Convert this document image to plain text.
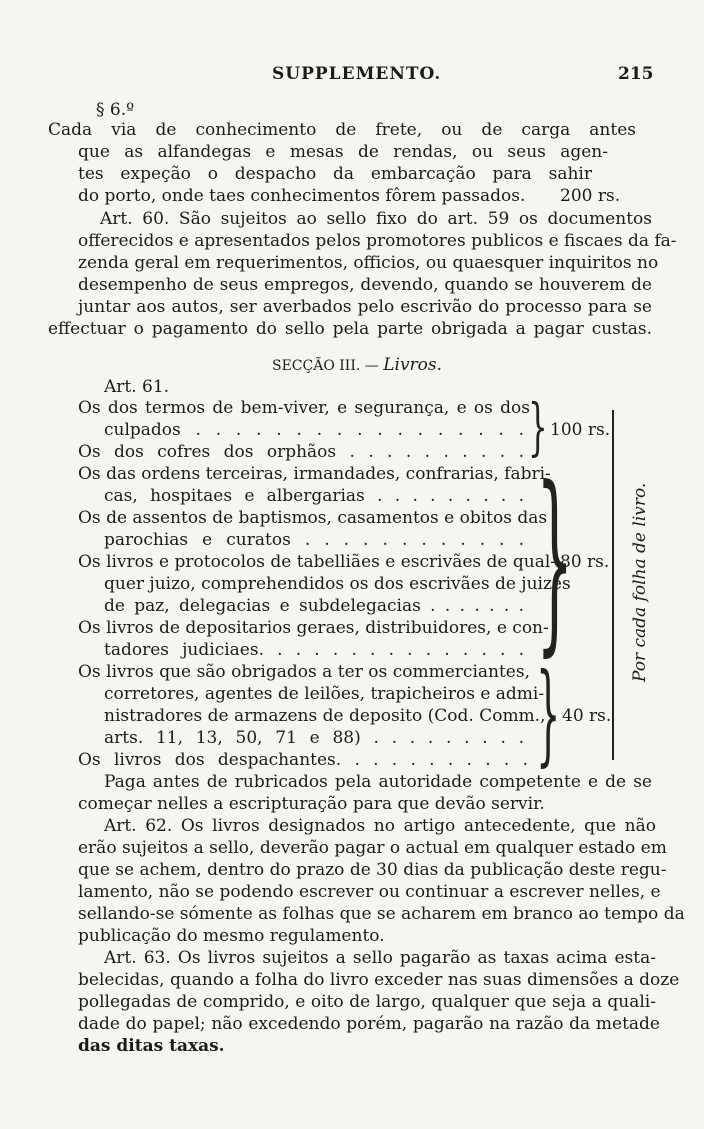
SUPPLEMENTO.	215
§ 6.º
Cada via de conhecimento de frete, ou de carga antes
que as alfandegas e mesas de rendas, ou seus agen-
tes expeção o despacho da embarcação para sahir
do porto, onde taes conhecimentos fôrem passados. 200 rs.
Art. 60. São sujeitos ao sello fixo do art. 59 os documentos
offerecidos e apresentados pelos promotores publicos e fiscaes da fa-
zenda geral em requerimentos, officios, ou quaesquer inquiritos no
desempenho de seus empregos, devendo, quando se houverem de
juntar aos autos, ser averbados pelo escrivão do processo para se
effectuar o pagamento do sello pela parte obrigada a pagar custas.
SECÇÃO III. — Livros.
Art. 61.
Os dos termos de bem-viver, e segurança, e os dos
culpados . . . . . . . . . . . . . . . . .
Os dos cofres dos orphãos . . . . . . . . . . } 100 rs.
Os das ordens terceiras, irmandades, confrarias, fabri-
cas, hospitaes e albergarias . . . . . . . . .
Os de assentos de baptismos, casamentos e obitos das
parochias e curatos . . . . . . . . . . . .
Os livros e protocolos de tabelliães e escrivães de qual-
quer juizo, comprehendidos os dos escrivães de juizes
de paz, delegacias e subdelegacias . . . . . . .
Os livros de depositarios geraes, distribuidores, e con-
tadores judiciaes. . . . . . . . . . . . . . . }
80 rs.
Os livros que são obrigados a ter os commerciantes,
corretores, agentes de leilões, trapicheiros e admi-
nistradores de armazens de deposito (Cod. Comm.,
arts. 11, 13, 50, 71 e 88) . . . . . . . . .
Os livros dos despachantes. . . . . . . . . . . } 40 rs.
Por cada folha de livro.
Paga antes de rubricados pela autoridade competente e de se
começar nelles a escripturação para que devão servir.
Art. 62. Os livros designados no artigo antecedente, que não
erão sujeitos a sello, deverão pagar o actual em qualquer estado em
que se achem, dentro do prazo de 30 dias da publicação deste regu-
lamento, não se podendo escrever ou continuar a escrever nelles, e
sellando-se sómente as folhas que se acharem em branco ao tempo da
publicação do mesmo regulamento.
Art. 63. Os livros sujeitos a sello pagarão as taxas acima esta-
belecidas, quando a folha do livro exceder nas suas dimensões a doze
pollegadas de comprido, e oito de largo, qualquer que seja a quali-
dade do papel; não excedendo porém, pagarão na razão da metade
das ditas taxas.
